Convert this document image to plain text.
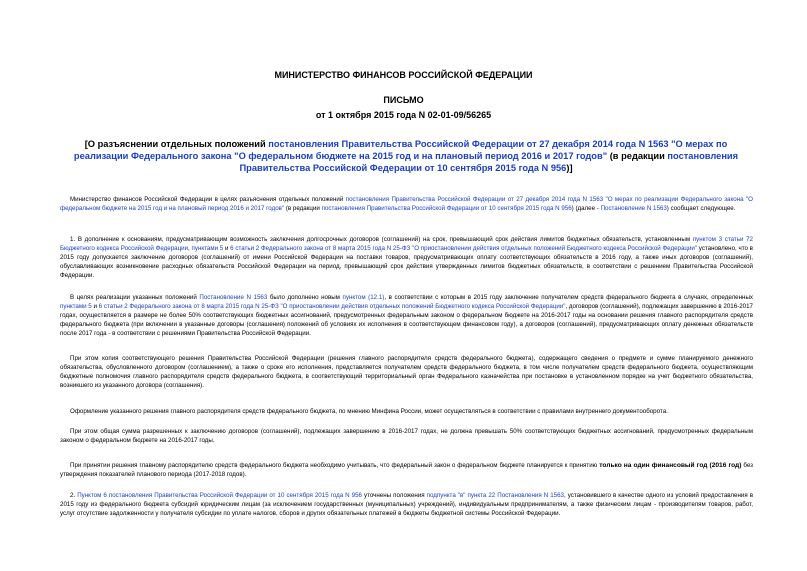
МИНИСТЕРСТВО ФИНАНСОВ РОССИЙСКОЙ ФЕДЕРАЦИИ
ПИСЬМО
от 1 октября 2015 года N 02-01-09/56265
[О разъяснении отдельных положений постановления Правительства Российской Федерации от 27 декабря 2014 года N 1563 "О мерах по реализации Федерального закона "О федеральном бюджете на 2015 год и на плановый период 2016 и 2017 годов" (в редакции постановления Правительства Российской Федерации от 10 сентября 2015 года N 956)]
Министерство финансов Российской Федерации в целях разъяснения отдельных положений постановления Правительства Российской Федерации от 27 декабря 2014 года N 1563 "О мерах по реализации Федерального закона "О федеральном бюджете на 2015 год и на плановый период 2016 и 2017 годов" (в редакции постановления Правительства Российской Федерации от 10 сентября 2015 года N 956) (далее - Постановление N 1563) сообщает следующее.
1. В дополнение к основаниям, предусматривающим возможность заключения долгосрочных договоров (соглашений) на срок, превышающий срок действия лимитов бюджетных обязательств, установленным пунктом 3 статьи 72 Бюджетного кодекса Российской Федерации, пунктами 5 и 6 статьи 2 Федерального закона от 8 марта 2015 года N 25-ФЗ "О приостановлении действия отдельных положений Бюджетного кодекса Российской Федерации" установлено, что в 2015 году допускается заключение договоров (соглашений) от имени Российской Федерации на поставки товаров, предусматривающих оплату соответствующих обязательств в 2016 году, а также иных договоров (соглашений), обуславливающих возникновение расходных обязательств Российской Федерации на период, превышающий срок действия утвержденных лимитов бюджетных обязательств, в соответствии с решением Правительства Российской Федерации.
В целях реализации указанных положений Постановление N 1563 было дополнено новым пунктом (12.1), в соответствии с которым в 2015 году заключение получателем средств федерального бюджета в случаях, определенных пунктами 5 и 6 статьи 2 Федерального закона от 8 марта 2015 года N 25-ФЗ "О приостановлении действия отдельных положений Бюджетного кодекса Российской Федерации", договоров (соглашений), подлежащих завершению в 2016-2017 годах, осуществляется в размере не более 50% соответствующих бюджетных ассигнований, предусмотренных федеральным законом о федеральном бюджете на 2016-2017 годы на основании решения главного распорядителя средств федерального бюджета (при включении в указанные договоры (соглашения) положений об условиях их исполнения в соответствующем финансовом году), а договоров (соглашений), предусматривающих оплату денежных обязательств после 2017 года - в соответствии с решениями Правительства Российской Федерации.
При этом копия соответствующего решения Правительства Российской Федерации (решения главного распорядителя средств федерального бюджета), содержащего сведения о предмете и сумме планируемого денежного обязательства, обусловленного договором (соглашением), а также о сроке его исполнения, представляется получателем средств федерального бюджета, в том числе получателем средств федерального бюджета, осуществляющим бюджетные полномочия главного распорядителя средств федерального бюджета, в соответствующий территориальный орган Федерального казначейства при постановке в установленном порядке на учет бюджетного обязательства, возникшего из указанного договора (соглашения).
Оформление указанного решения главного распорядителя средств федерального бюджета, по мнению Минфина России, может осуществляться в соответствии с правилами внутреннего документооборота.
При этом общая сумма разрешенных к заключению договоров (соглашений), подлежащих завершению в 2016-2017 годах, не должна превышать 50% соответствующих бюджетных ассигнований, предусмотренных федеральным законом о федеральном бюджете на 2016-2017 годы.
При принятии решения главному распорядителю средств федерального бюджета необходимо учитывать, что федеральный закон о федеральном бюджете планируется к принятию только на один финансовый год (2016 год) без утверждения показателей планового периода (2017-2018 годов).
2. Пунктом 6 постановления Правительства Российской Федерации от 10 сентября 2015 года N 956 уточнены положения подпункта "в" пункта 22 Постановления N 1563, установившего в качестве одного из условий предоставления в 2015 году из федерального бюджета субсидий юридическим лицам (за исключением государственных (муниципальных) учреждений), индивидуальным предпринимателям, а также физическим лицам - производителям товаров, работ, услуг отсутствие задолженности у получателя субсидии по уплате налогов, сборов и других обязательных платежей в бюджеты бюджетной системы Российской Федерации.
